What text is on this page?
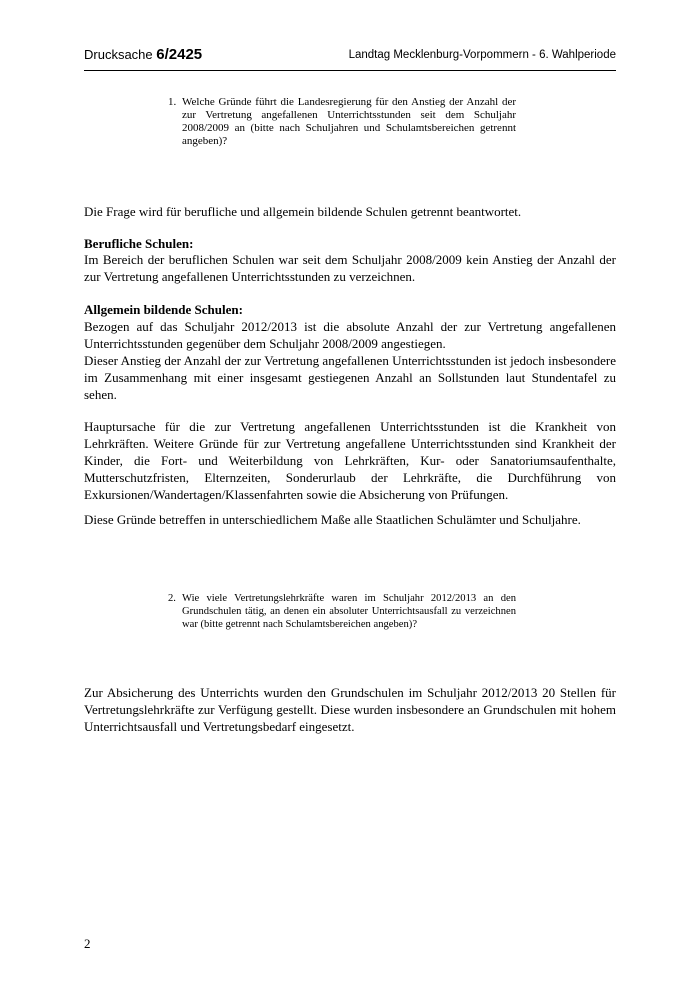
Drucksache 6/2425	Landtag Mecklenburg-Vorpommern - 6. Wahlperiode
1. Welche Gründe führt die Landesregierung für den Anstieg der Anzahl der zur Vertretung angefallenen Unterrichtsstunden seit dem Schuljahr 2008/2009 an (bitte nach Schuljahren und Schulamtsbereichen getrennt angeben)?

Die Frage wird für berufliche und allgemein bildende Schulen getrennt beantwortet.

Berufliche Schulen:

Im Bereich der beruflichen Schulen war seit dem Schuljahr 2008/2009 kein Anstieg der Anzahl der zur Vertretung angefallenen Unterrichtsstunden zu verzeichnen.

Allgemein bildende Schulen:

Bezogen auf das Schuljahr 2012/2013 ist die absolute Anzahl der zur Vertretung angefallenen Unterrichtsstunden gegenüber dem Schuljahr 2008/2009 angestiegen.

Dieser Anstieg der Anzahl der zur Vertretung angefallenen Unterrichtsstunden ist jedoch insbesondere im Zusammenhang mit einer insgesamt gestiegenen Anzahl an Sollstunden laut Stundentafel zu sehen.

Hauptursache für die zur Vertretung angefallenen Unterrichtsstunden ist die Krankheit von Lehrkräften. Weitere Gründe für zur Vertretung angefallene Unterrichtsstunden sind Krankheit der Kinder, die Fort- und Weiterbildung von Lehrkräften, Kur- oder Sanatoriumsaufenthalte, Mutterschutzfristen, Elternzeiten, Sonderurlaub der Lehrkräfte, die Durchführung von Exkursionen/Wandertagen/Klassenfahrten sowie die Absicherung von Prüfungen.

Diese Gründe betreffen in unterschiedlichem Maße alle Staatlichen Schulämter und Schuljahre.

2. Wie viele Vertretungslehrkräfte waren im Schuljahr 2012/2013 an den Grundschulen tätig, an denen ein absoluter Unterrichtsausfall zu verzeichnen war (bitte getrennt nach Schulamtsbereichen angeben)?

Zur Absicherung des Unterrichts wurden den Grundschulen im Schuljahr 2012/2013 20 Stellen für Vertretungslehrkräfte zur Verfügung gestellt. Diese wurden insbesondere an Grundschulen mit hohem Unterrichtsausfall und Vertretungsbedarf eingesetzt.

2
